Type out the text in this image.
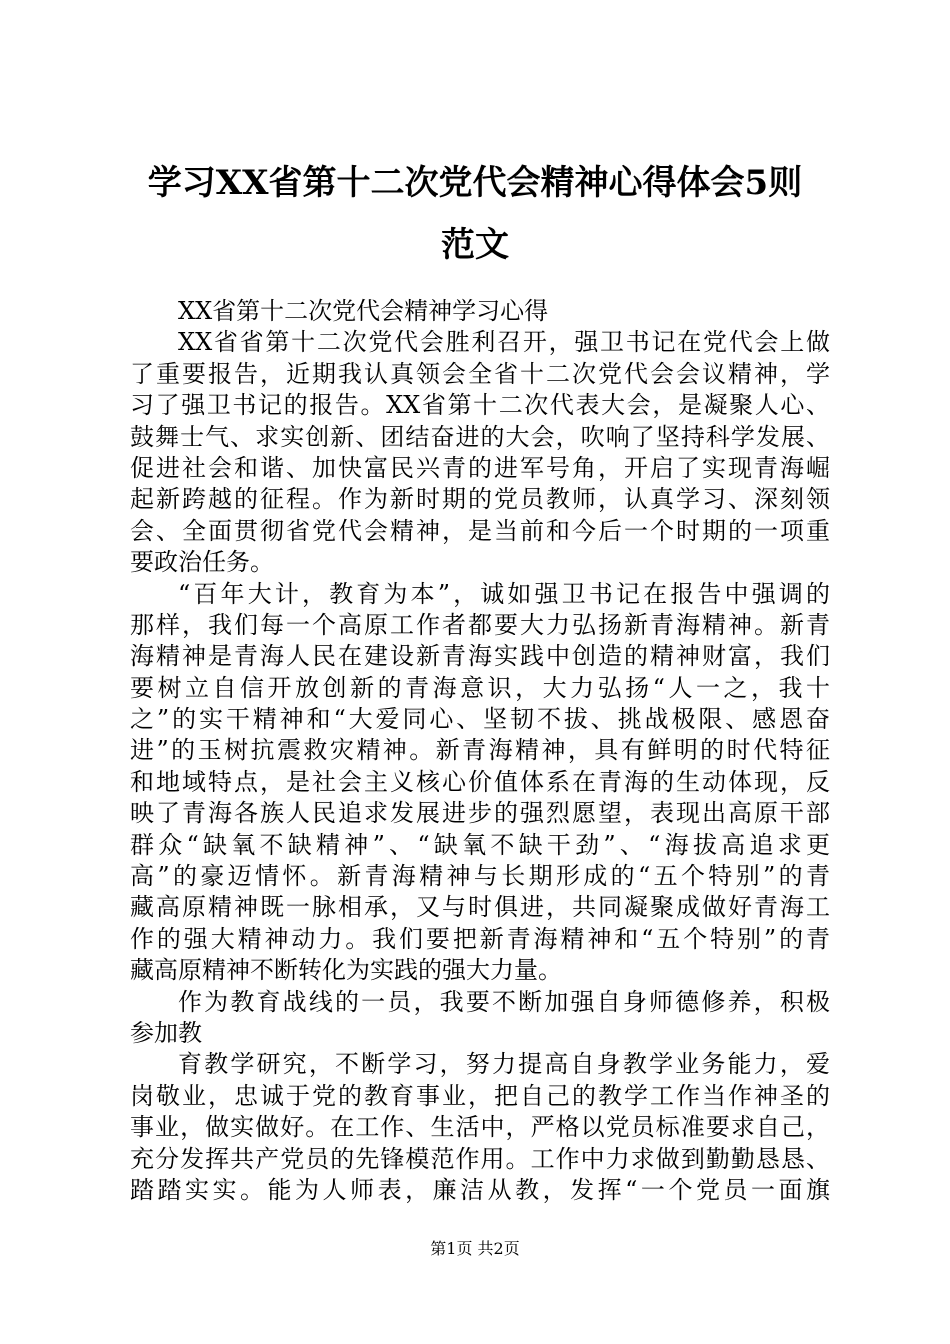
学习XX省第十二次党代会精神心得体会5则
范文
XX省第十二次党代会精神学习心得
XX省省第十二次党代会胜利召开，强卫书记在党代会上做
了重要报告，近期我认真领会全省十二次党代会会议精神，学
习了强卫书记的报告。XX省第十二次代表大会，是凝聚人心、
鼓舞士气、求实创新、团结奋进的大会，吹响了坚持科学发展、
促进社会和谐、加快富民兴青的进军号角，开启了实现青海崛
起新跨越的征程。作为新时期的党员教师，认真学习、深刻领
会、全面贯彻省党代会精神，是当前和今后一个时期的一项重
要政治任务。
“百年大计，教育为本”，诚如强卫书记在报告中强调的
那样，我们每一个高原工作者都要大力弘扬新青海精神。新青
海精神是青海人民在建设新青海实践中创造的精神财富，我们
要树立自信开放创新的青海意识，大力弘扬“人一之，我十
之”的实干精神和“大爱同心、坚韧不拔、挑战极限、感恩奋
进”的玉树抗震救灾精神。新青海精神，具有鲜明的时代特征
和地域特点，是社会主义核心价值体系在青海的生动体现，反
映了青海各族人民追求发展进步的强烈愿望，表现出高原干部
群众“缺氧不缺精神”、“缺氧不缺干劲”、“海拔高追求更
高”的豪迈情怀。新青海精神与长期形成的“五个特别”的青
藏高原精神既一脉相承，又与时俱进，共同凝聚成做好青海工
作的强大精神动力。我们要把新青海精神和“五个特别”的青
藏高原精神不断转化为实践的强大力量。
作为教育战线的一员，我要不断加强自身师德修养，积极
参加教
育教学研究，不断学习，努力提高自身教学业务能力，爱
岗敬业，忠诚于党的教育事业，把自己的教学工作当作神圣的
事业，做实做好。在工作、生活中，严格以党员标准要求自己，
充分发挥共产党员的先锋模范作用。工作中力求做到勤勤恳恳、
踏踏实实。能为人师表，廉洁从教，发挥“一个党员一面旗
第1页 共2页
